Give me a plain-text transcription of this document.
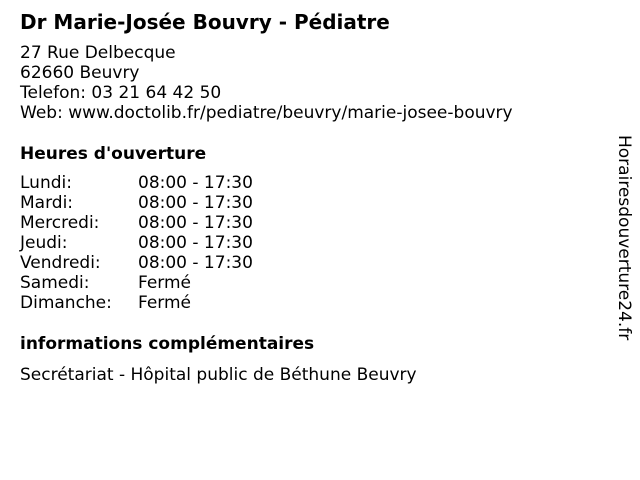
Dr Marie-Josée Bouvry - Pédiatre
27 Rue Delbecque
62660 Beuvry
Telefon: 03 21 64 42 50
Web: www.doctolib.fr/pediatre/beuvry/marie-josee-bouvry
Heures d'ouverture
Lundi:	08:00 - 17:30
Mardi:	08:00 - 17:30
Mercredi: 08:00 - 17:30
Jeudi:	08:00 - 17:30
Vendredi: 08:00 - 17:30
Samedi:	Fermé
Dimanche: Fermé
informations complémentaires
Secrétariat - Hôpital public de Béthune Beuvry
Horairesdouverture24.fr
